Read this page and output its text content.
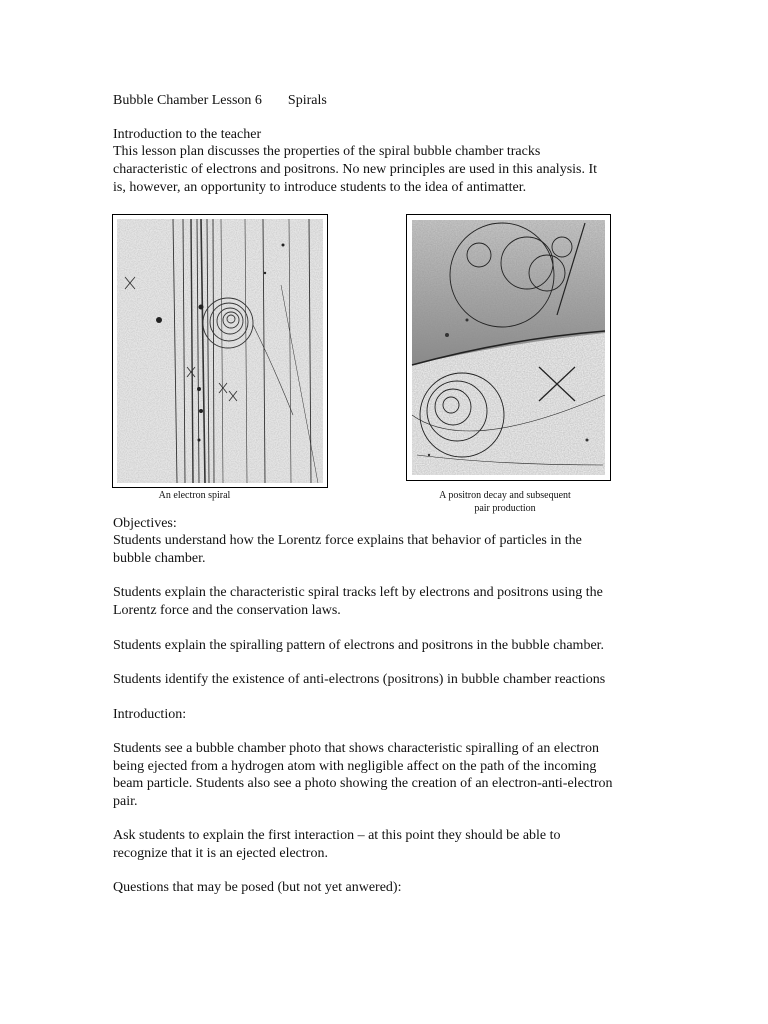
Bubble Chamber Lesson 6 Spirals
Introduction to the teacher
This lesson plan discusses the properties of the spiral bubble chamber tracks
characteristic of electrons and positrons. No new principles are used in this analysis. It
is, however, an opportunity to introduce students to the idea of antimatter.
An electron spiral	A positron decay and subsequent
pair production
Objectives:
Students understand how the Lorentz force explains that behavior of particles in the
bubble chamber.
Students explain the characteristic spiral tracks left by electrons and positrons using the
Lorentz force and the conservation laws.
Students explain the spiralling pattern of electrons and positrons in the bubble chamber.
Students identify the existence of anti-electrons (positrons) in bubble chamber reactions
Introduction:
Students see a bubble chamber photo that shows characteristic spiralling of an electron
being ejected from a hydrogen atom with negligible affect on the path of the incoming
beam particle. Students also see a photo showing the creation of an electron-anti-electron
pair.
Ask students to explain the first interaction – at this point they should be able to
recognize that it is an ejected electron.
Questions that may be posed (but not yet anwered):
